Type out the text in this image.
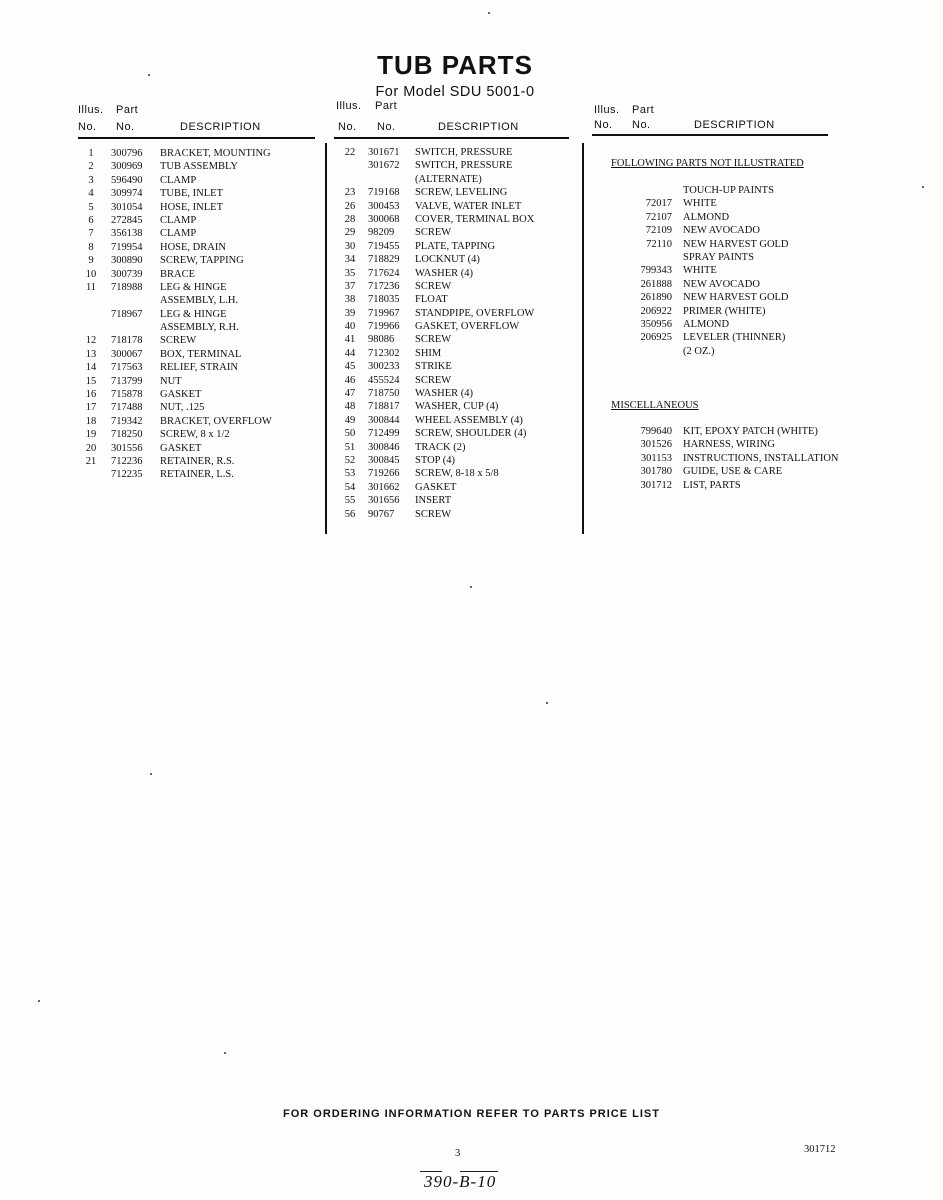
TUB PARTS
For Model SDU 5001-0
Illus. Part
No. No.	DESCRIPTION
Illus. Part
No. No.	DESCRIPTION
Illus. Part
No. No.	DESCRIPTION
1	300796 BRACKET, MOUNTING
2	300969 TUB ASSEMBLY
3	596490 CLAMP
4	309974 TUBE, INLET
5	301054 HOSE, INLET
6	272845 CLAMP
7	356138 CLAMP
8	719954 HOSE, DRAIN
9	300890 SCREW, TAPPING
10	300739 BRACE
11	718988 LEG & HINGE
ASSEMBLY, L.H.
718967 LEG & HINGE
ASSEMBLY, R.H.
12	718178 SCREW
13	300067 BOX, TERMINAL
14	717563 RELIEF, STRAIN
15	713799 NUT
16	715878 GASKET
17	717488 NUT, .125
18	719342 BRACKET, OVERFLOW
19	718250 SCREW, 8 x 1/2
20	301556 GASKET
21	712236 RETAINER, R.S.
712235 RETAINER, L.S.
22	301671 SWITCH, PRESSURE
301672 SWITCH, PRESSURE
(ALTERNATE)
23	719168 SCREW, LEVELING
26	300453 VALVE, WATER INLET
28	300068 COVER, TERMINAL BOX
29	98209 SCREW
30	719455 PLATE, TAPPING
34	718829 LOCKNUT (4)
35	717624 WASHER (4)
37	717236 SCREW
38	718035 FLOAT
39	719967 STANDPIPE, OVERFLOW
40	719966 GASKET, OVERFLOW
41	98086 SCREW
44	712302 SHIM
45	300233 STRIKE
46	455524 SCREW
47	718750 WASHER (4)
48	718817 WASHER, CUP (4)
49	300844 WHEEL ASSEMBLY (4)
50	712499 SCREW, SHOULDER (4)
51	300846 TRACK (2)
52	300845 STOP (4)
53	719266 SCREW, 8-18 x 5/8
54	301662 GASKET
55	301656 INSERT
56	90767 SCREW
FOLLOWING PARTS NOT ILLUSTRATED
TOUCH-UP PAINTS
72017 WHITE
72107 ALMOND
72109 NEW AVOCADO
72110 NEW HARVEST GOLD
SPRAY PAINTS
799343 WHITE
261888 NEW AVOCADO
261890 NEW HARVEST GOLD
206922 PRIMER (WHITE)
350956 ALMOND
206925 LEVELER (THINNER)
(2 OZ.)
MISCELLANEOUS
799640 KIT, EPOXY PATCH (WHITE)
301526 HARNESS, WIRING
301153 INSTRUCTIONS, INSTALLATION
301780 GUIDE, USE & CARE
301712 LIST, PARTS
FOR ORDERING INFORMATION REFER TO PARTS PRICE LIST
3	301712
390-B-10
